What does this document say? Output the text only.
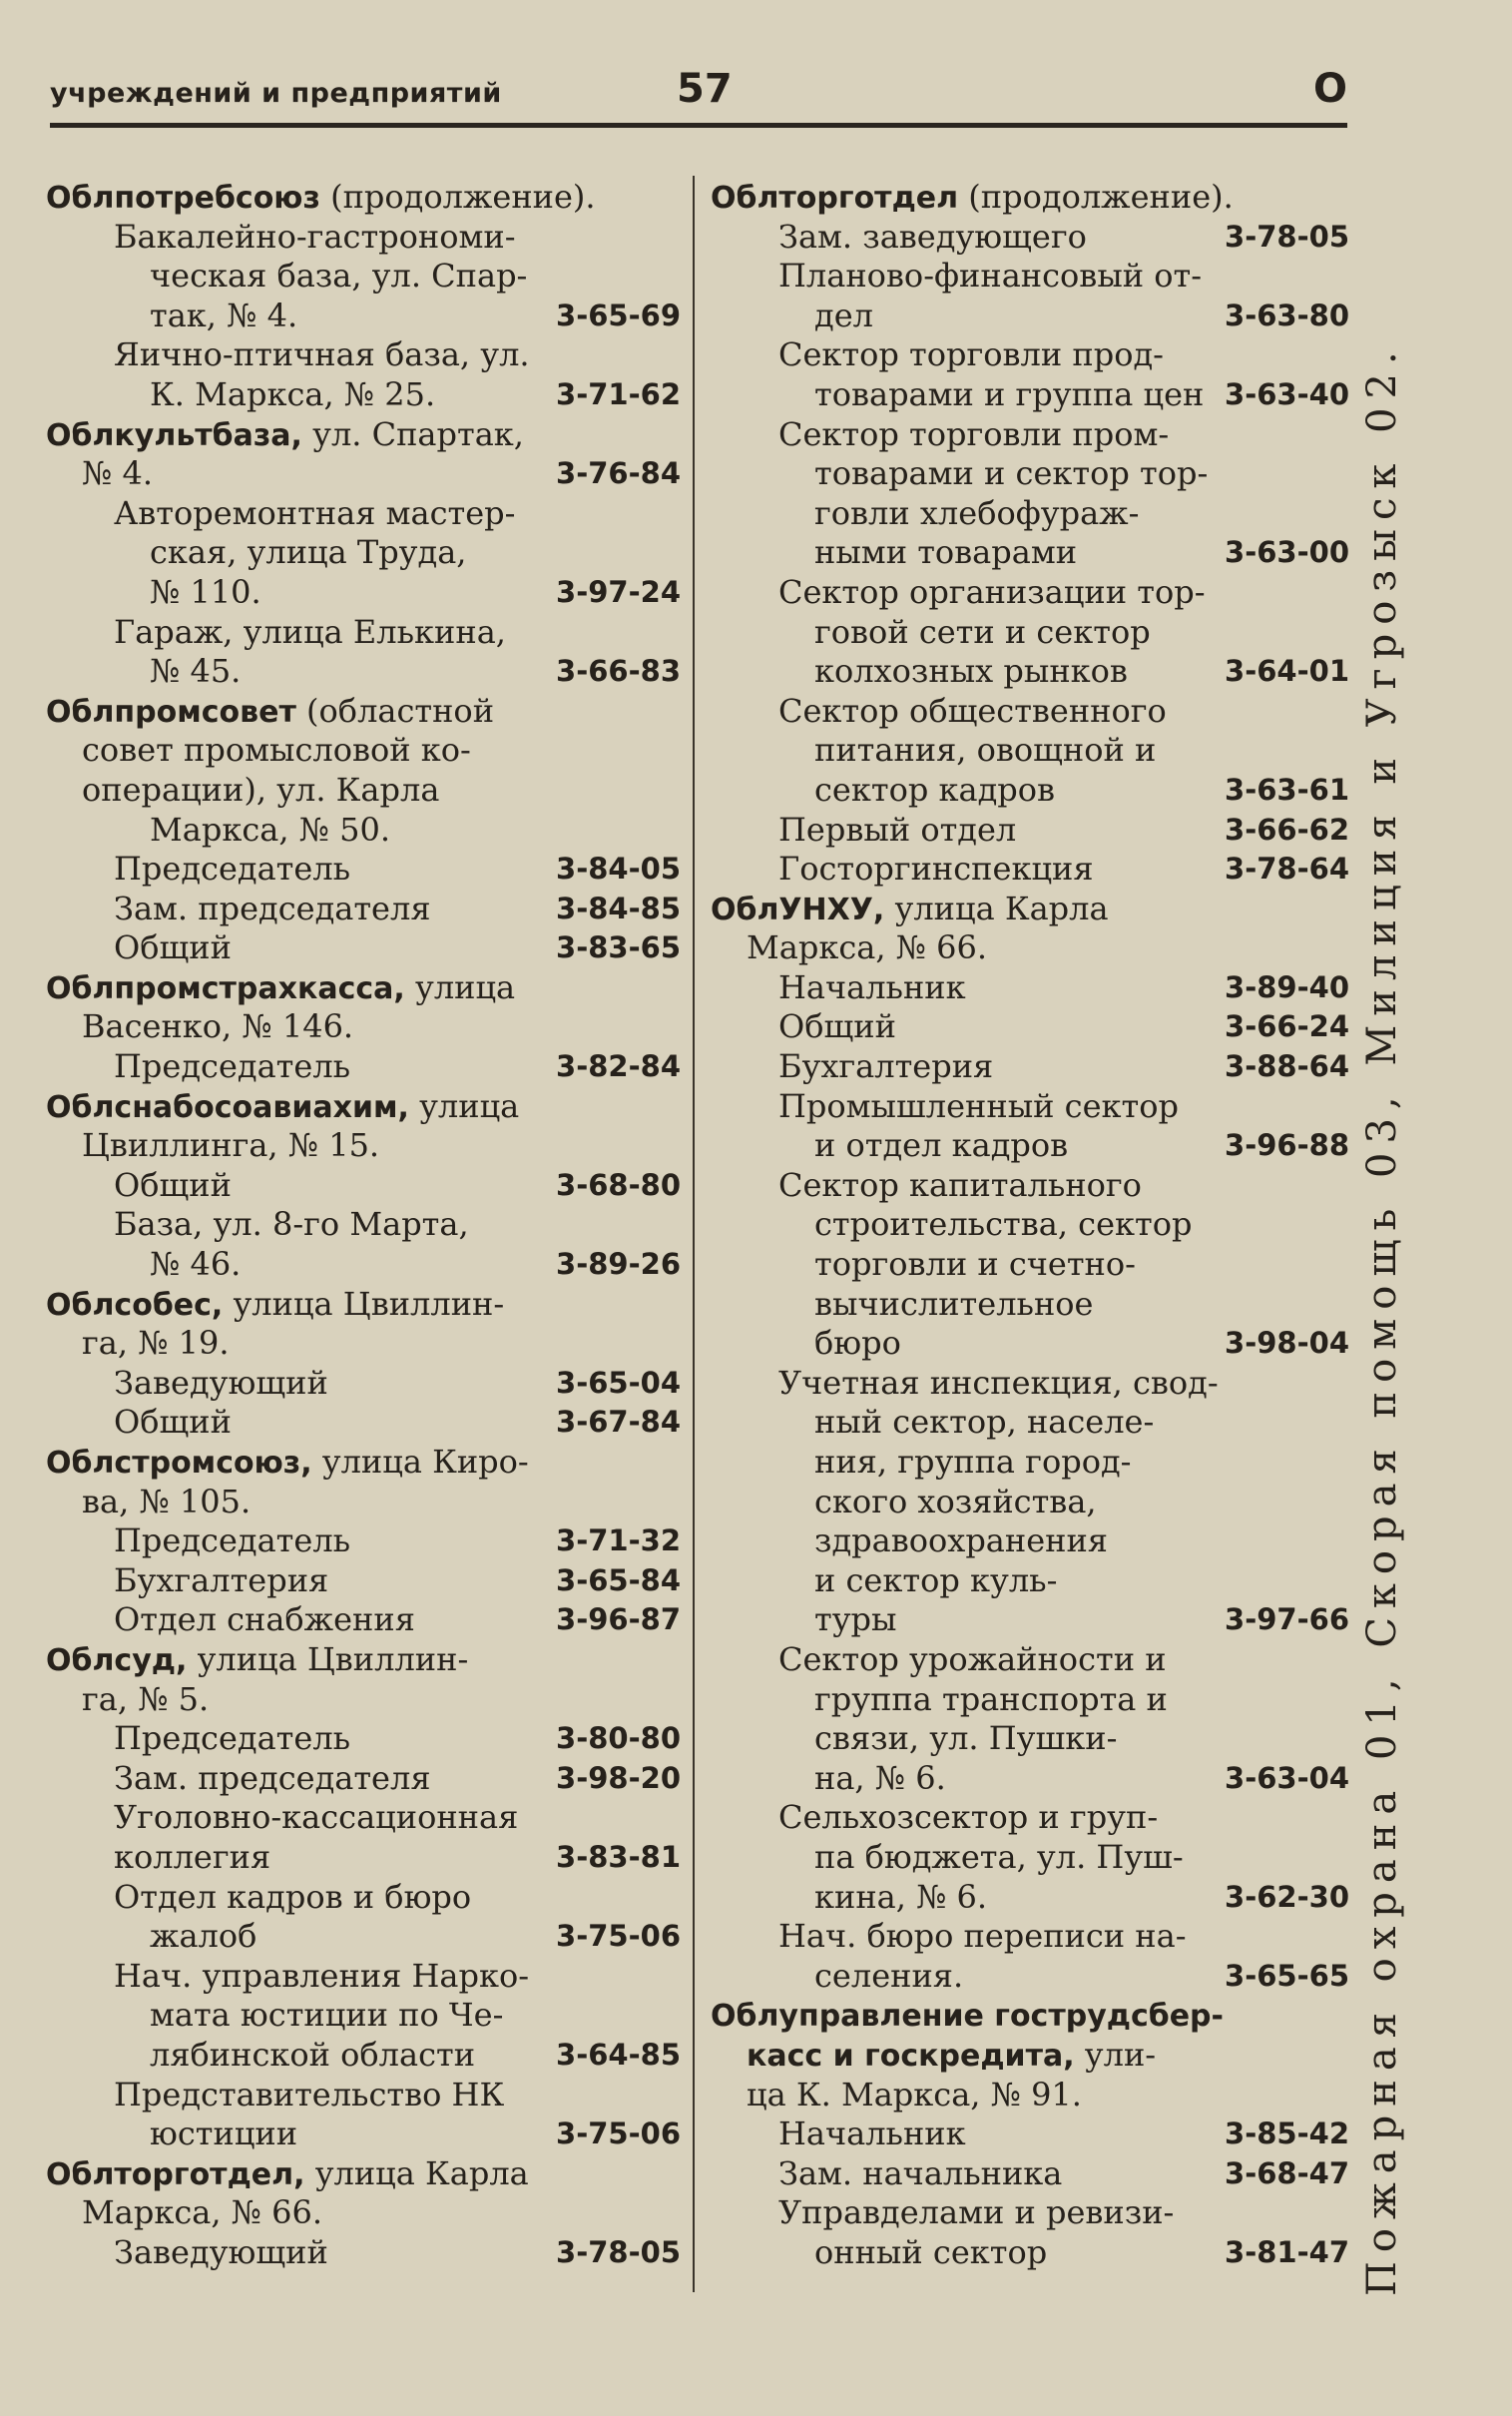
учреждений и предприятий	57	О
Облпотребсоюз (продолжение).
Бакалейно-гастрономи-
ческая база, ул. Спар-
так, № 4.	3-65-69
Яично-птичная база, ул.
К. Маркса, № 25.	3-71-62
Облкультбаза, ул. Спартак,
№ 4.	3-76-84
Авторемонтная мастер-
ская, улица Труда,
№ 110.	3-97-24
Гараж, улица Елькина,
№ 45.	3-66-83
Облпромсовет (областной
совет промысловой ко-
операции), ул. Карла
Маркса, № 50.
Председатель	3-84-05
Зам. председателя	3-84-85
Общий	3-83-65
Облпромстрахкасса, улица
Васенко, № 146.
Председатель	3-82-84
Облснабосоавиахим, улица
Цвиллинга, № 15.
Общий	3-68-80
База, ул. 8-го Марта,
№ 46.	3-89-26
Облсобес, улица Цвиллин-
га, № 19.
Заведующий	3-65-04
Общий	3-67-84
Облстромсоюз, улица Киро-
ва, № 105.
Председатель	3-71-32
Бухгалтерия	3-65-84
Отдел снабжения	3-96-87
Облсуд, улица Цвиллин-
га, № 5.
Председатель	3-80-80
Зам. председателя	3-98-20
Уголовно-кассационная
коллегия	3-83-81
Отдел кадров и бюро
жалоб	3-75-06
Нач. управления Нарко-
мата юстиции по Че-
лябинской области	3-64-85
Представительство НК
юстиции	3-75-06
Облторготдел, улица Карла
Маркса, № 66.
Заведующий	3-78-05
Облторготдел (продолжение).
Зам. заведующего	3-78-05
Планово-финансовый от-
дел	3-63-80
Сектор торговли прод-
товарами и группа цен 3-63-40
Сектор торговли пром-
товарами и сектор тор-
говли хлебофураж-
ными товарами	3-63-00
Сектор организации тор-
говой сети и сектор
колхозных рынков	3-64-01
Сектор общественного
питания, овощной и
сектор кадров	3-63-61
Первый отдел	3-66-62
Госторгинспекция	3-78-64
ОблУНХУ, улица Карла
Маркса, № 66.
Начальник	3-89-40
Общий	3-66-24
Бухгалтерия	3-88-64
Промышленный сектор
и отдел кадров	3-96-88
Сектор капитального
строительства, сектор
торговли и счетно-
вычислительное
бюро	3-98-04
Учетная инспекция, свод-
ный сектор, населе-
ния, группа город-
ского хозяйства,
здравоохранения
и сектор куль-
туры	3-97-66
Сектор урожайности и
группа транспорта и
связи, ул. Пушки-
на, № 6.	3-63-04
Сельхозсектор и груп-
па бюджета, ул. Пуш-
кина, № 6.	3-62-30
Нач. бюро переписи на-
селения.	3-65-65
Облуправление гострудсбер-
касс и госкредита, ули-
ца К. Маркса, № 91.
Начальник	3-85-42
Зам. начальника	3-68-47
Управделами и ревизи-
онный сектор	3-81-47 Пожарная охрана 01, Скорая помощь 03, Милиция и Угрозыск 02.
